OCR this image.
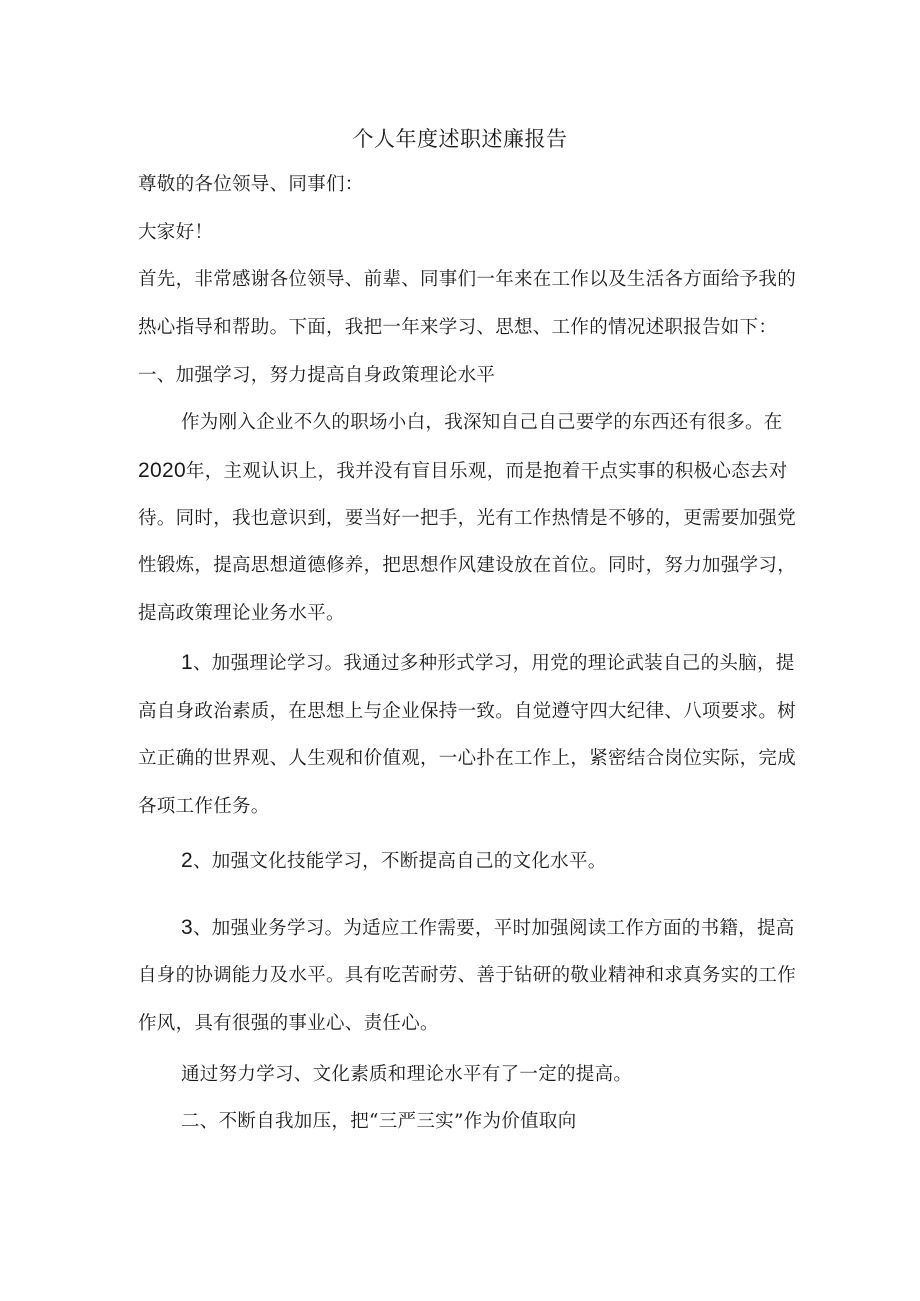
个人年度述职述廉报告
尊敬的各位领导、同事们：
大家好！
首先，非常感谢各位领导、前辈、同事们一年来在工作以及生活各方面给予我的
热心指导和帮助。下面，我把一年来学习、思想、工作的情况述职报告如下：
一、加强学习，努力提高自身政策理论水平
作为刚入企业不久的职场小白，我深知自己自己要学的东西还有很多。在
2020年，主观认识上，我并没有盲目乐观，而是抱着干点实事的积极心态去对
待。同时，我也意识到，要当好一把手，光有工作热情是不够的，更需要加强党
性锻炼，提高思想道德修养，把思想作风建设放在首位。同时，努力加强学习，
提高政策理论业务水平。
1、加强理论学习。我通过多种形式学习，用党的理论武装自己的头脑，提
高自身政治素质，在思想上与企业保持一致。自觉遵守四大纪律、八项要求。树
立正确的世界观、人生观和价值观，一心扑在工作上，紧密结合岗位实际，完成
各项工作任务。
2、加强文化技能学习，不断提高自己的文化水平。
3、加强业务学习。为适应工作需要，平时加强阅读工作方面的书籍，提高
自身的协调能力及水平。具有吃苦耐劳、善于钻研的敬业精神和求真务实的工作
作风，具有很强的事业心、责任心。
通过努力学习、文化素质和理论水平有了一定的提高。
二、不断自我加压，把“三严三实”作为价值取向
